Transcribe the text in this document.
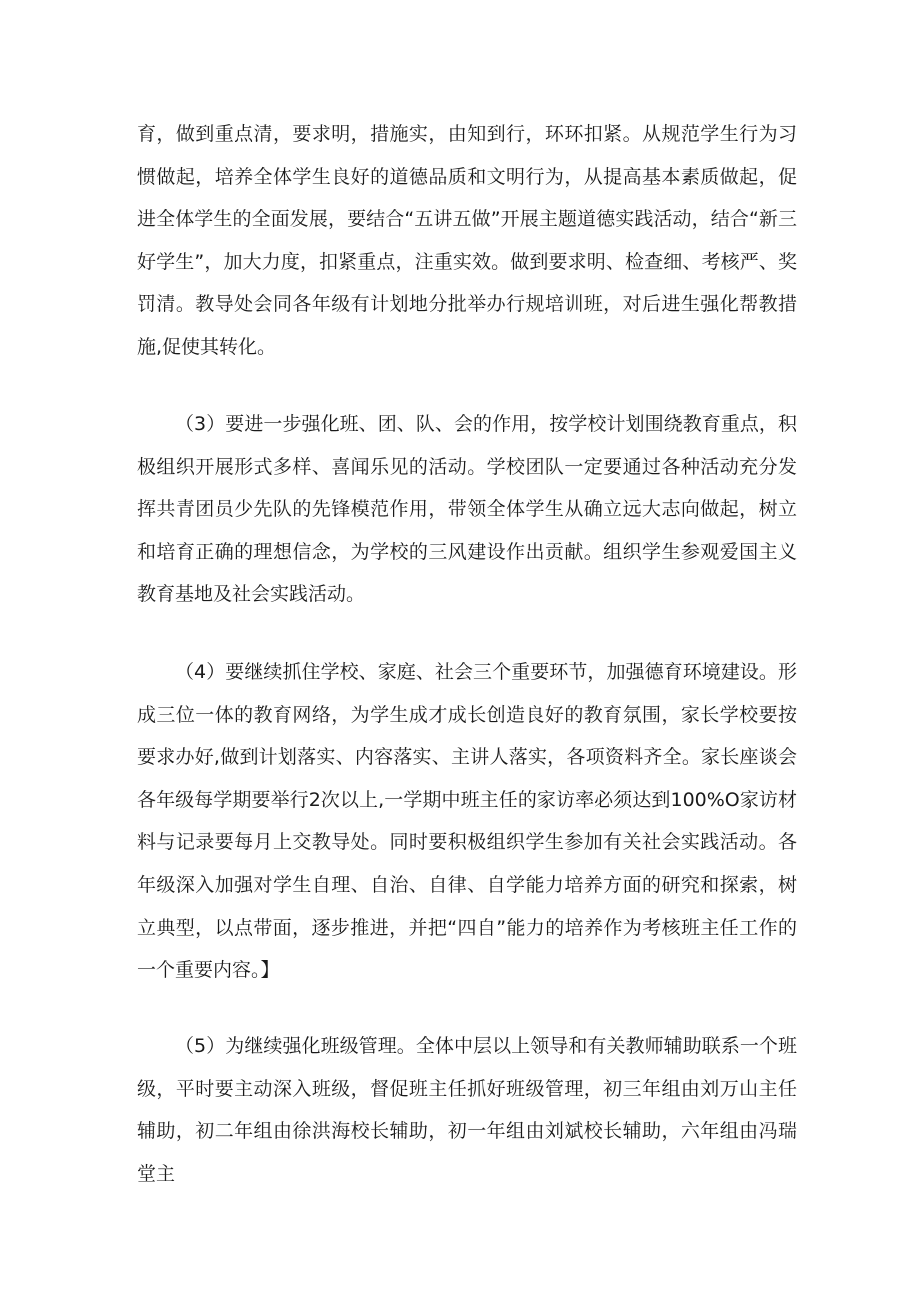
育，做到重点清，要求明，措施实，由知到行，环环扣紧。从规范学生行为习惯做起，培养全体学生良好的道德品质和文明行为，从提高基本素质做起，促进全体学生的全面发展，要结合“五讲五做”开展主题道德实践活动，结合“新三好学生”，加大力度，扣紧重点，注重实效。做到要求明、检查细、考核严、奖罚清。教导处会同各年级有计划地分批举办行规培训班，对后进生强化帮教措施,促使其转化。

（3）要进一步强化班、团、队、会的作用，按学校计划围绕教育重点，积极组织开展形式多样、喜闻乐见的活动。学校团队一定要通过各种活动充分发挥共青团员少先队的先锋模范作用，带领全体学生从确立远大志向做起，树立和培育正确的理想信念，为学校的三风建设作出贡献。组织学生参观爱国主义教育基地及社会实践活动。

（4）要继续抓住学校、家庭、社会三个重要环节，加强德育环境建设。形成三位一体的教育网络，为学生成才成长创造良好的教育氛围，家长学校要按要求办好,做到计划落实、内容落实、主讲人落实，各项资料齐全。家长座谈会各年级每学期要举行2次以上,一学期中班主任的家访率必须达到100%O家访材料与记录要每月上交教导处。同时要积极组织学生参加有关社会实践活动。各年级深入加强对学生自理、自治、自律、自学能力培养方面的研究和探索，树立典型，以点带面，逐步推进，并把“四自”能力的培养作为考核班主任工作的一个重要内容。】

（5）为继续强化班级管理。全体中层以上领导和有关教师辅助联系一个班级，平时要主动深入班级，督促班主任抓好班级管理，初三年组由刘万山主任辅助，初二年组由徐洪海校长辅助，初一年组由刘斌校长辅助，六年组由冯瑞堂主
